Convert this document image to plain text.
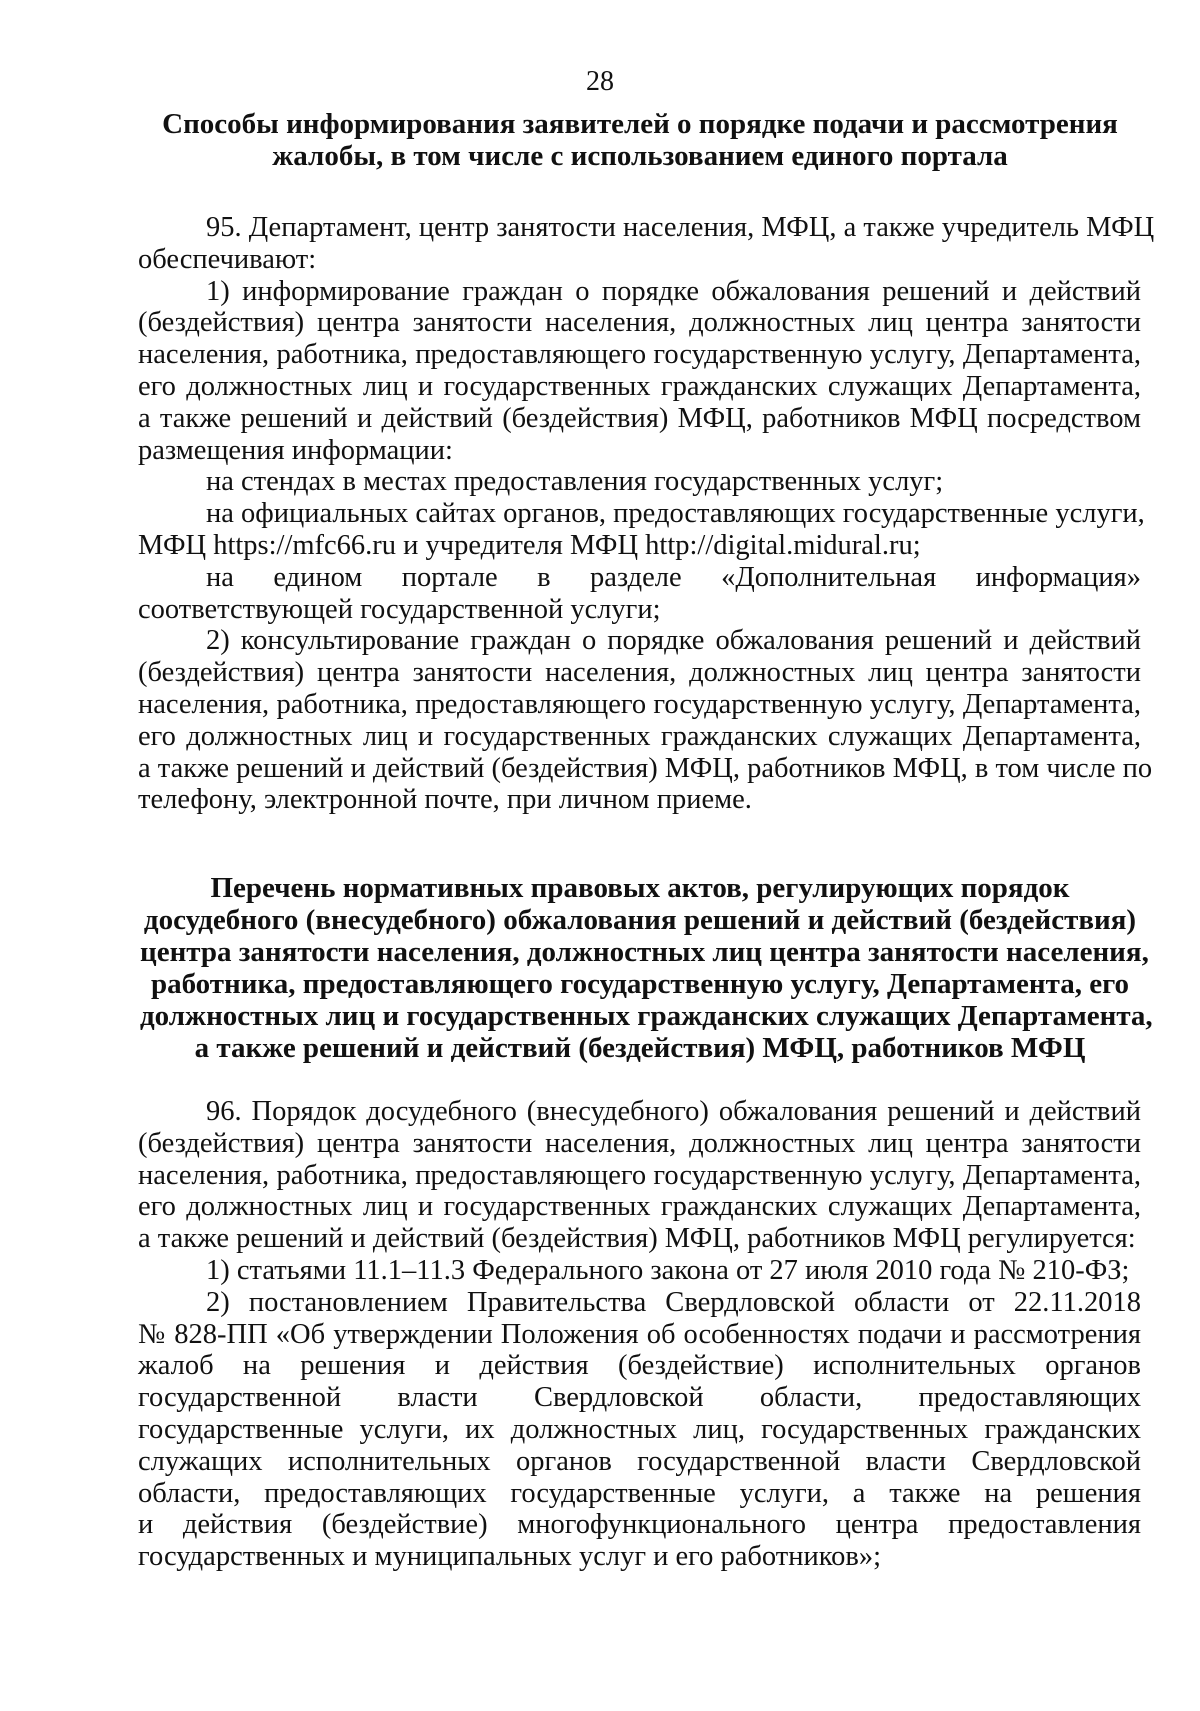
28
Способы информирования заявителей о порядке подачи и рассмотрения
жалобы, в том числе с использованием единого портала
95. Департамент, центр занятости населения, МФЦ, а также учредитель МФЦ
обеспечивают:
1) информирование граждан о порядке обжалования решений и действий
(бездействия) центра занятости населения, должностных лиц центра занятости
населения, работника, предоставляющего государственную услугу, Департамента,
его должностных лиц и государственных гражданских служащих Департамента,
а также решений и действий (бездействия) МФЦ, работников МФЦ посредством
размещения информации:
на стендах в местах предоставления государственных услуг;
на официальных сайтах органов, предоставляющих государственные услуги,
МФЦ https://mfc66.ru и учредителя МФЦ http://digital.midural.ru;
на едином портале в разделе «Дополнительная информация»
соответствующей государственной услуги;
2) консультирование граждан о порядке обжалования решений и действий
(бездействия) центра занятости населения, должностных лиц центра занятости
населения, работника, предоставляющего государственную услугу, Департамента,
его должностных лиц и государственных гражданских служащих Департамента,
а также решений и действий (бездействия) МФЦ, работников МФЦ, в том числе по
телефону, электронной почте, при личном приеме.
Перечень нормативных правовых актов, регулирующих порядок
досудебного (внесудебного) обжалования решений и действий (бездействия)
центра занятости населения, должностных лиц центра занятости населения,
работника, предоставляющего государственную услугу, Департамента, его
должностных лиц и государственных гражданских служащих Департамента,
а также решений и действий (бездействия) МФЦ, работников МФЦ
96. Порядок досудебного (внесудебного) обжалования решений и действий
(бездействия) центра занятости населения, должностных лиц центра занятости
населения, работника, предоставляющего государственную услугу, Департамента,
его должностных лиц и государственных гражданских служащих Департамента,
а также решений и действий (бездействия) МФЦ, работников МФЦ регулируется:
1) статьями 11.1–11.3 Федерального закона от 27 июля 2010 года № 210-ФЗ;
2) постановлением Правительства Свердловской области от 22.11.2018
№ 828-ПП «Об утверждении Положения об особенностях подачи и рассмотрения
жалоб на решения и действия (бездействие) исполнительных органов
государственной власти Свердловской области, предоставляющих
государственные услуги, их должностных лиц, государственных гражданских
служащих исполнительных органов государственной власти Свердловской
области, предоставляющих государственные услуги, а также на решения
и действия (бездействие) многофункционального центра предоставления
государственных и муниципальных услуг и его работников»;
